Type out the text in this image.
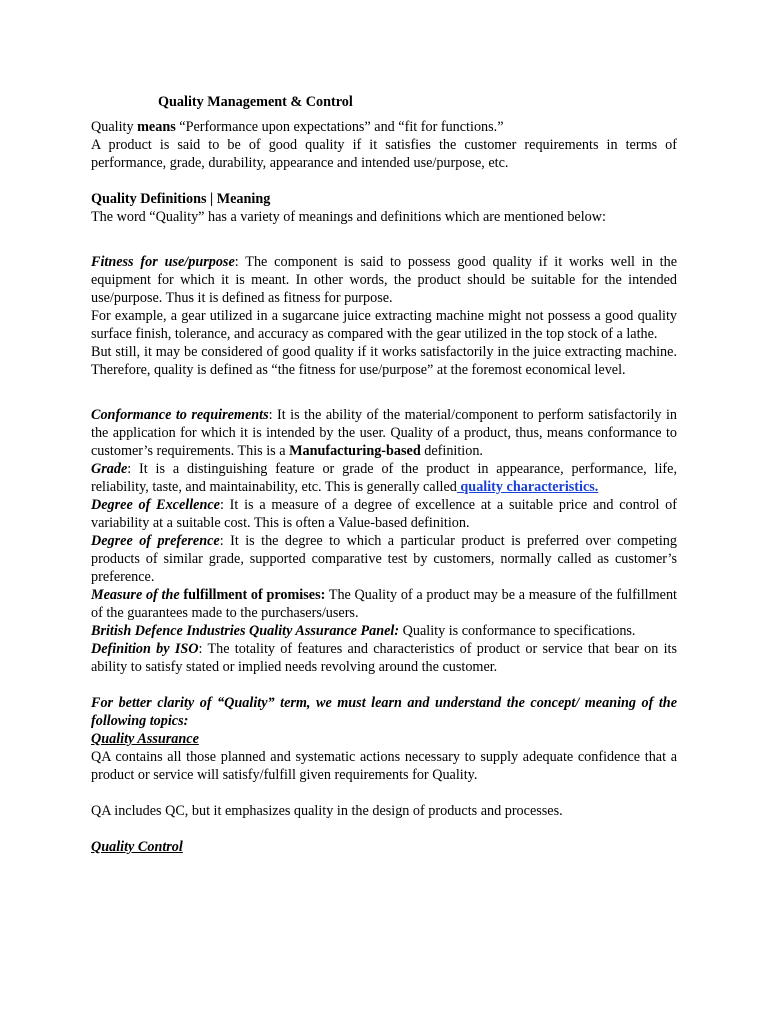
Quality Management & Control

Quality means “Performance upon expectations” and “fit for functions.”

A product is said to be of good quality if it satisfies the customer requirements in terms of performance, grade, durability, appearance and intended use/purpose, etc.

Quality Definitions | Meaning

The word “Quality” has a variety of meanings and definitions which are mentioned below:

Fitness for use/purpose: The component is said to possess good quality if it works well in the equipment for which it is meant. In other words, the product should be suitable for the intended use/purpose. Thus it is defined as fitness for purpose.

For example, a gear utilized in a sugarcane juice extracting machine might not possess a good quality surface finish, tolerance, and accuracy as compared with the gear utilized in the top stock of a lathe.

But still, it may be considered of good quality if it works satisfactorily in the juice extracting machine. Therefore, quality is defined as “the fitness for use/purpose” at the foremost economical level.

Conformance to requirements: It is the ability of the material/component to perform satisfactorily in the application for which it is intended by the user. Quality of a product, thus, means conformance to customer’s requirements. This is a Manufacturing-based definition.

Grade: It is a distinguishing feature or grade of the product in appearance, performance, life, reliability, taste, and maintainability, etc. This is generally called quality characteristics.

Degree of Excellence: It is a measure of a degree of excellence at a suitable price and control of variability at a suitable cost. This is often a Value-based definition.

Degree of preference: It is the degree to which a particular product is preferred over competing products of similar grade, supported comparative test by customers, normally called as customer’s preference.

Measure of the fulfillment of promises: The Quality of a product may be a measure of the fulfillment of the guarantees made to the purchasers/users.

British Defence Industries Quality Assurance Panel: Quality is conformance to specifications.

Definition by ISO: The totality of features and characteristics of product or service that bear on its ability to satisfy stated or implied needs revolving around the customer.

For better clarity of “Quality” term, we must learn and understand the concept/ meaning of the following topics:

Quality Assurance

QA contains all those planned and systematic actions necessary to supply adequate confidence that a product or service will satisfy/fulfill given requirements for Quality.

QA includes QC, but it emphasizes quality in the design of products and processes.

Quality Control
